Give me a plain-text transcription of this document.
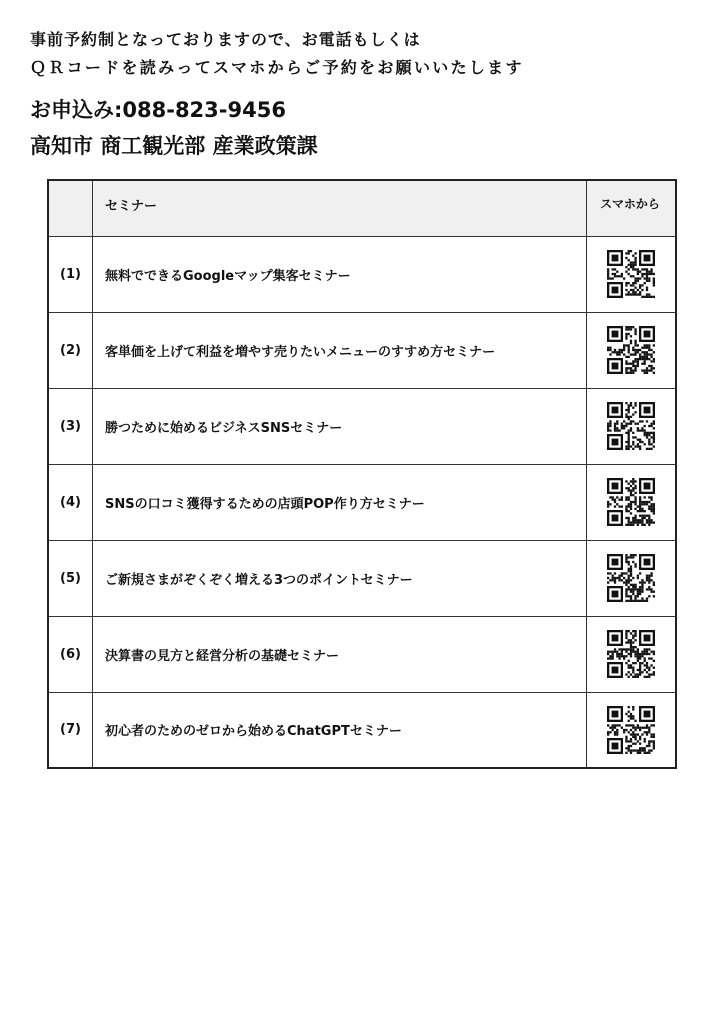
事前予約制となっておりますので、お電話もしくは
ＱＲコードを読みってスマホからご予約をお願いいたします
お申込み:088-823-9456
高知市 商工観光部 産業政策課
	セミナー	スマホから
(1)	無料でできるGoogleマップ集客セミナー	

(2)	客単価を上げて利益を増やす売りたいメニューのすすめ方セミナー	

(3)	勝つために始めるビジネスSNSセミナー	

(4)	SNSの口コミ獲得するための店頭POP作り方セミナー	

(5)	ご新規さまがぞくぞく増える3つのポイントセミナー	

(6)	決算書の見方と経営分析の基礎セミナー	

(7)	初心者のためのゼロから始めるChatGPTセミナー	
